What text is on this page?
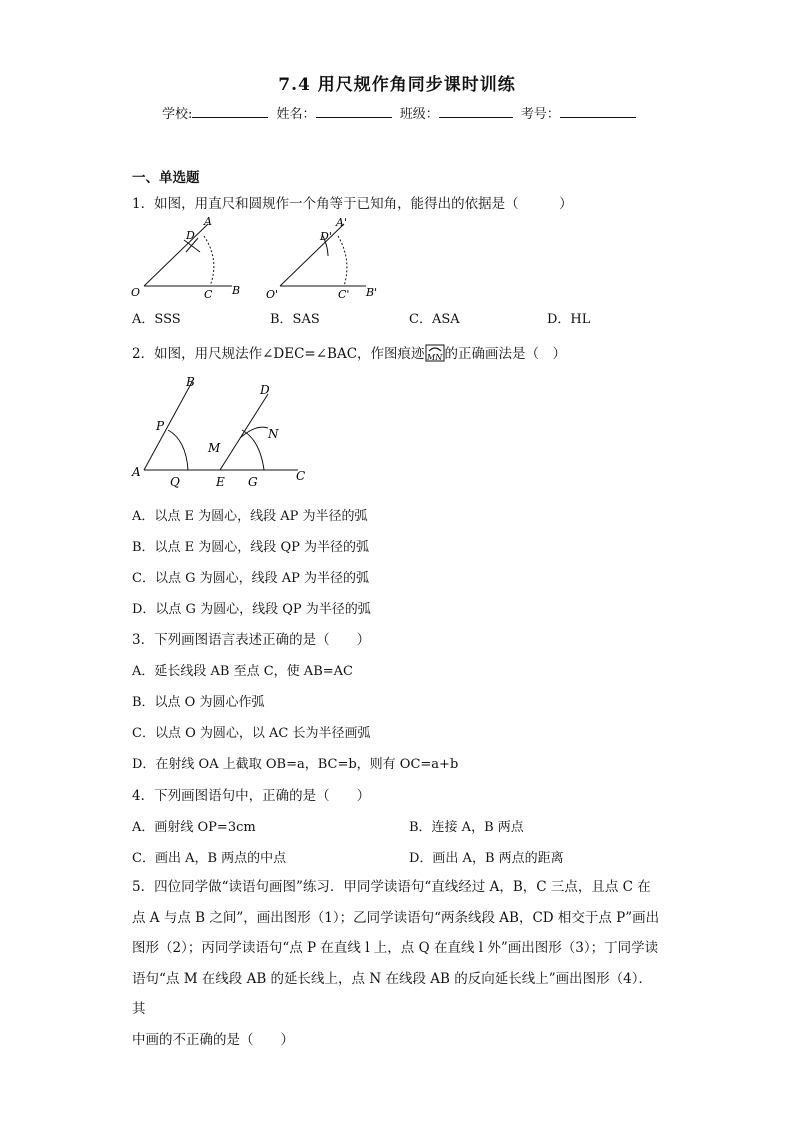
7.4 用尺规作角同步课时训练
学校:	姓名：	班级：	考号：
一、单选题
1．如图，用直尺和圆规作一个角等于已知角，能得出的依据是（　　　）
O	C B
D
A
O'	C' B'
D'
A'
A．SSS	B．SAS	C．ASA	D．HL
2．如图，用尺规法作∠DEC=∠BAC，作图痕迹 MN 的正确画法是（　）
A
B
P
Q	E G	C
D
M
N
A．以点 E 为圆心，线段 AP 为半径的弧
B．以点 E 为圆心，线段 QP 为半径的弧
C．以点 G 为圆心，线段 AP 为半径的弧
D．以点 G 为圆心，线段 QP 为半径的弧
3．下列画图语言表述正确的是（　　）
A．延长线段 AB 至点 C，使 AB=AC
B．以点 O 为圆心作弧
C．以点 O 为圆心，以 AC 长为半径画弧
D．在射线 OA 上截取 OB=a，BC=b，则有 OC=a+b
4．下列画图语句中，正确的是（　　）
A．画射线 OP=3cm	B．连接 A，B 两点
C．画出 A，B 两点的中点	D．画出 A，B 两点的距离
5．四位同学做“读语句画图”练习．甲同学读语句“直线经过 A，B，C 三点，且点 C 在
点 A 与点 B 之间”，画出图形（1）；乙同学读语句“两条线段 AB，CD 相交于点 P”画出
图形（2）；丙同学读语句“点 P 在直线 l 上，点 Q 在直线 l 外”画出图形（3）；丁同学读
语句“点 M 在线段 AB 的延长线上，点 N 在线段 AB 的反向延长线上”画出图形（4）．其
中画的不正确的是（　　）
